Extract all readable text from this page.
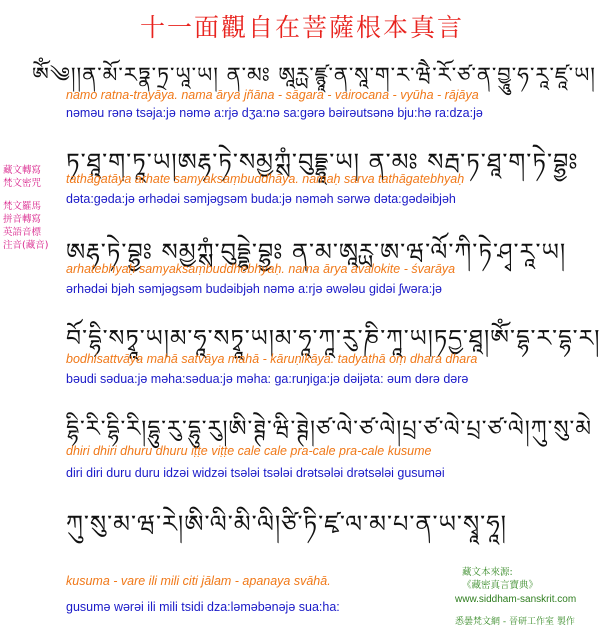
十一面觀自在菩薩根本真言
藏文轉寫
梵文密咒
梵文羅馬
拼音轉寫
英語音標
注音(藏音)
ༀ༄།།ན་མོ་རཏྣ་ཏྲ་ཡཱ་ཡ། ན་མཿ ཨཱཪྻ་ཛྙཱ་ན་སཱ་ག་ར་ཝཻ་རོ་ཙ་ན་བྱཱུ་ཧ་རཱ་ཛཱ་ཡ།
namo ratna-trayāya. nama ārya jñāna - sāgara - vairocana - vyūha - rājāya
nəməu rənə tsəja:jə nəmə a:rjə dʒa:nə sa:gərə bəirəutsənə bju:hə ra:dza:jə
ཏ་ཐཱ་ག་ཏཱ་ཡ།ཨརྷ་ཏེ་སམྱཀྶཾ་བུདྡྷཱ་ཡ། ན་མཿ སརྦ་ཏ་ཐཱ་ག་ཏེ་བྷྱཿ
tathāgatāya arhate samyaksaṃbuddhāya. namaḥ sarva tathāgatebhyaḥ
dəta:gəda:jə ərhədəi səmjəgsəm buda:jə nəməh sərwə dəta:gədəibjəh
ཨརྷ་ཏེ་བྷྱཿ སམྱཀྶཾ་བུདྡྷེ་བྷྱཿ ན་མ་ཨཱཪྻ་ཨ་ཝ་ལོ་ཀི་ཏེ་ཤྭ་རཱ་ཡ།
arhatebhyaḥ samyaksaṃbuddhebhyaḥ. nama ārya avalokite - śvarāya
ərhədəi bjəh səmjəgsəm budəibjəh nəmə a:rjə əwələu gidəi ʃwəra:jə
བོ་དྷི་སཏྭཱ་ཡ།མ་ཧཱ་སཏྭཱ་ཡ།མ་ཧཱ་ཀཱ་རུ་ཎི་ཀཱ་ཡ།ཏདྱ་ཐཱ།ཨོཾ་དྷ་ར་དྷ་ར།
bodhisattvāya mahā satvāya mahā - kāruṇikāya. tadyathā oṃ dhara dhara
bəudi sədua:jə məha:sədua:jə məha: ga:ruŋiga:jə dəijəta: əum dərə dərə
དྷི་རི་དྷི་རི།དྷུ་རུ་དྷུ་རུ།ཨི་ཊྚེ་ཝི་ཊྚེ།ཙ་ལེ་ཙ་ལེ།པྲ་ཙ་ལེ་པྲ་ཙ་ལེ།ཀུ་སུ་མེ
dhiri dhiri dhuru dhuru iṭṭe viṭṭe cale cale pra-cale pra-cale kusume
diri diri duru duru idzəi widzəi tsələi tsələi drətsələi drətsələi gusuməi
ཀུ་སུ་མ་ཝ་རེ།ཨི་ལི་མི་ལི།ཙི་ཏི་ཛྭ་ལ་མ་པ་ན་ཡ་སྭཱ་ཧཱ།
kusuma - vare ili mili citi jālam - apanaya svāhā.
gusumə wərəi ili mili tsidi dza:ləməbənəjə sua:ha:
藏文本來源:
《藏密真言寶典》
www.siddham-sanskrit.com
悉曇梵文網 - 晉研工作室 製作
